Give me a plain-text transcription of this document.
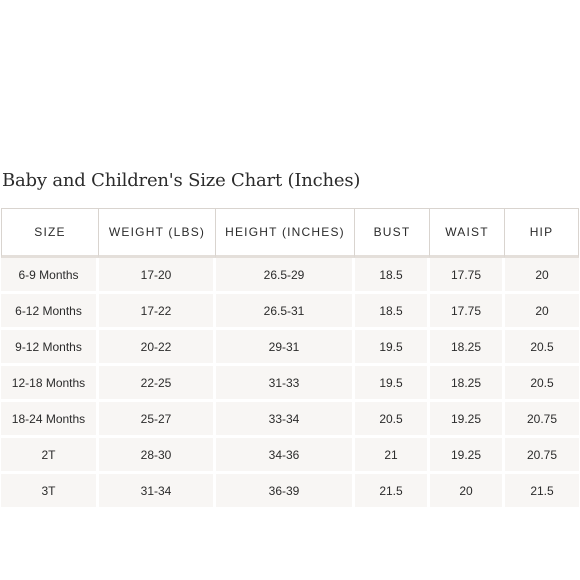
Baby and Children's Size Chart (Inches)
SIZE	WEIGHT (LBS)	HEIGHT (INCHES)	BUST	WAIST	HIP
6-9 Months	17-20	26.5-29	18.5	17.75	20
6-12 Months	17-22	26.5-31	18.5	17.75	20
9-12 Months	20-22	29-31	19.5	18.25	20.5
12-18 Months	22-25	31-33	19.5	18.25	20.5
18-24 Months	25-27	33-34	20.5	19.25	20.75
2T	28-30	34-36	21	19.25	20.75
3T	31-34	36-39	21.5	20	21.5
